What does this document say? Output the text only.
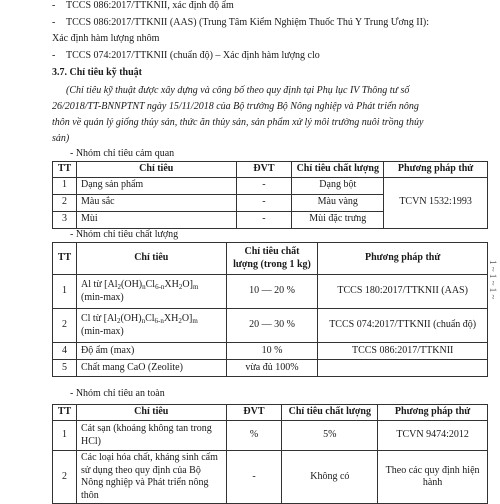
- TCCS 086:2017/TTKNII, xác định độ ẩm
- TCCS 086:2017/TTKNII (AAS) (Trung Tâm Kiểm Nghiệm Thuốc Thú Y Trung Ương II):
Xác định hàm lượng nhôm
- TCCS 074:2017/TTKNII (chuẩn độ) – Xác định hàm lượng clo
3.7. Chỉ tiêu kỹ thuật
(Chỉ tiêu kỹ thuật được xây dựng và công bố theo quy định tại Phụ lục IV Thông tư số
26/2018/TT-BNNPTNT ngày 15/11/2018 của Bộ trưởng Bộ Nông nghiệp và Phát triển nông
thôn về quản lý giống thủy sản, thức ăn thủy sản, sản phẩm xử lý môi trường nuôi trồng thủy
sản)
- Nhóm chỉ tiêu cảm quan
TT	Chỉ tiêu	ĐVT	Chỉ tiêu chất lượng	Phương pháp thử
1	Dạng sản phẩm	-	Dạng bột	TCVN 1532:1993
2	Màu sắc	-	Màu vàng	
3	Mùi	-	Mùi đặc trưng	
- Nhóm chỉ tiêu chất lượng
TT	Chỉ tiêu	Chỉ tiêu chất
lượng (trong 1 kg)	Phương pháp thử
1	Al từ $[Al_2(OH)_nCl_{6-n}XH_2O]_m$
(min-max)	10 — 20 %	TCCS 180:2017/TTKNII (AAS)
2	Cl từ $[Al_2(OH)_nCl_{6-n}XH_2O]_m$
(min-max)	20 — 30 %	TCCS 074:2017/TTKNII (chuẩn độ)
4	Độ ẩm (max)	10 %	TCCS 086:2017/TTKNII
5	Chất mang CaO (Zeolite)	vừa đủ 100%	
- Nhóm chỉ tiêu an toàn
TT	Chỉ tiêu	ĐVT	Chỉ tiêu chất lượng	Phương pháp thử
1	Cát sạn (khoảng không tan trong HCl)	%	5%	TCVN 9474:2012
2	Các loại hóa chất, kháng sinh cấm sử dụng theo quy định của Bộ Nông nghiệp và Phát triển nông thôn	-	Không có	Theo các quy định hiện hành
1 ~ 1 ~ 1 ~
